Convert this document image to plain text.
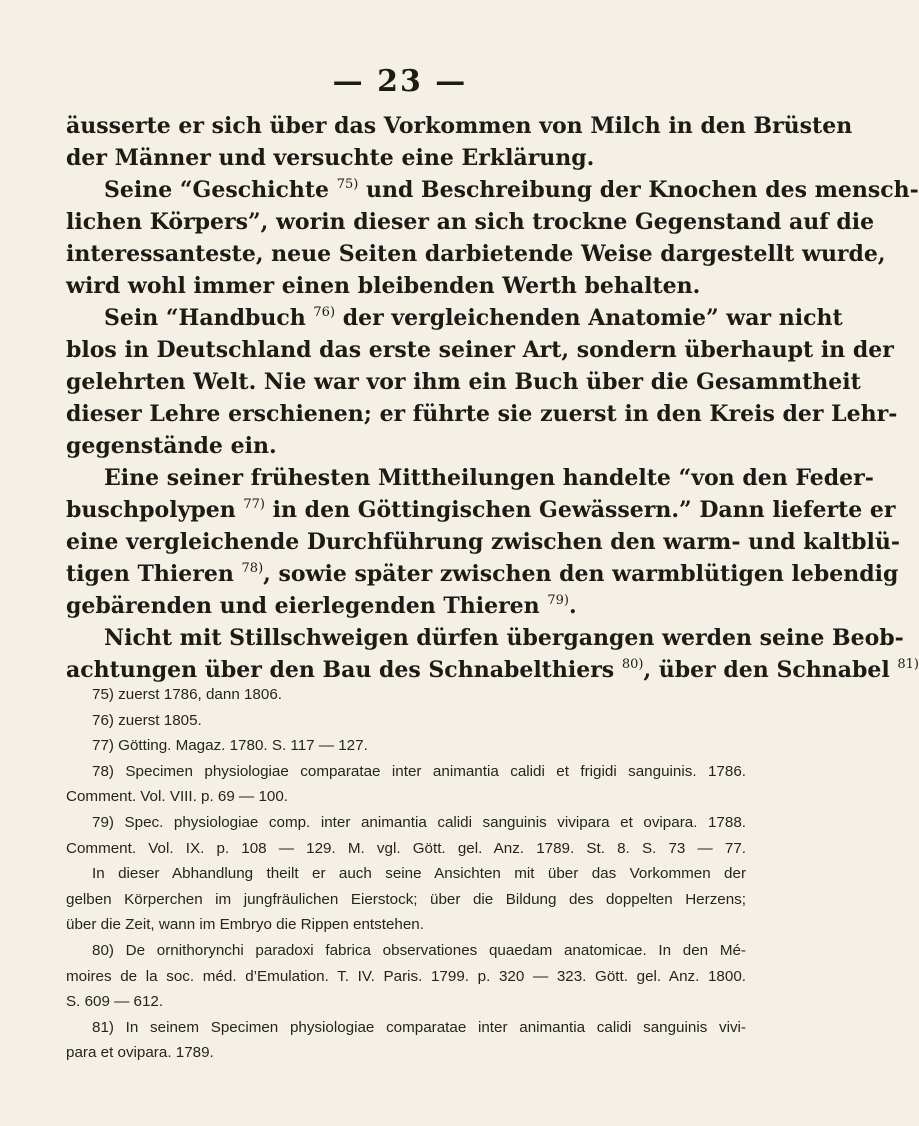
— 23 —
äusserte er sich über das Vorkommen von Milch in den Brüsten
der Männer und versuchte eine Erklärung.
Seine “Geschichte $^{75)}$ und Beschreibung der Knochen des mensch-
lichen Körpers”, worin dieser an sich trockne Gegenstand auf die
interessanteste, neue Seiten darbietende Weise dargestellt wurde,
wird wohl immer einen bleibenden Werth behalten.
Sein “Handbuch $^{76)}$ der vergleichenden Anatomie” war nicht
blos in Deutschland das erste seiner Art, sondern überhaupt in der
gelehrten Welt. Nie war vor ihm ein Buch über die Gesammtheit
dieser Lehre erschienen; er führte sie zuerst in den Kreis der Lehr-
gegenstände ein.
Eine seiner frühesten Mittheilungen handelte “von den Feder-
buschpolypen $^{77)}$ in den Göttingischen Gewässern.” Dann lieferte er
eine vergleichende Durchführung zwischen den warm- und kaltblü-
tigen Thieren $^{78)}$, sowie später zwischen den warmblütigen lebendig
gebärenden und eierlegenden Thieren $^{79)}$.
Nicht mit Stillschweigen dürfen übergangen werden seine Beob-
achtungen über den Bau des Schnabelthiers $^{80)}$, über den Schnabel $^{81)}$
75) zuerst 1786, dann 1806.
76) zuerst 1805.
77) Götting. Magaz. 1780. S. 117 — 127.
78) Specimen physiologiae comparatae inter animantia calidi et frigidi sanguinis. 1786.
Comment. Vol. VIII. p. 69 — 100.
79) Spec. physiologiae comp. inter animantia calidi sanguinis vivipara et ovipara. 1788.
Comment. Vol. IX. p. 108 — 129. M. vgl. Gött. gel. Anz. 1789. St. 8. S. 73 — 77.
In dieser Abhandlung theilt er auch seine Ansichten mit über das Vorkommen der
gelben Körperchen im jungfräulichen Eierstock; über die Bildung des doppelten Herzens;
über die Zeit, wann im Embryo die Rippen entstehen.
80) De ornithorynchi paradoxi fabrica observationes quaedam anatomicae. In den Mé-
moires de la soc. méd. d’Emulation. T. IV. Paris. 1799. p. 320 — 323. Gött. gel. Anz. 1800.
S. 609 — 612.
81) In seinem Specimen physiologiae comparatae inter animantia calidi sanguinis vivi-
para et ovipara. 1789.
